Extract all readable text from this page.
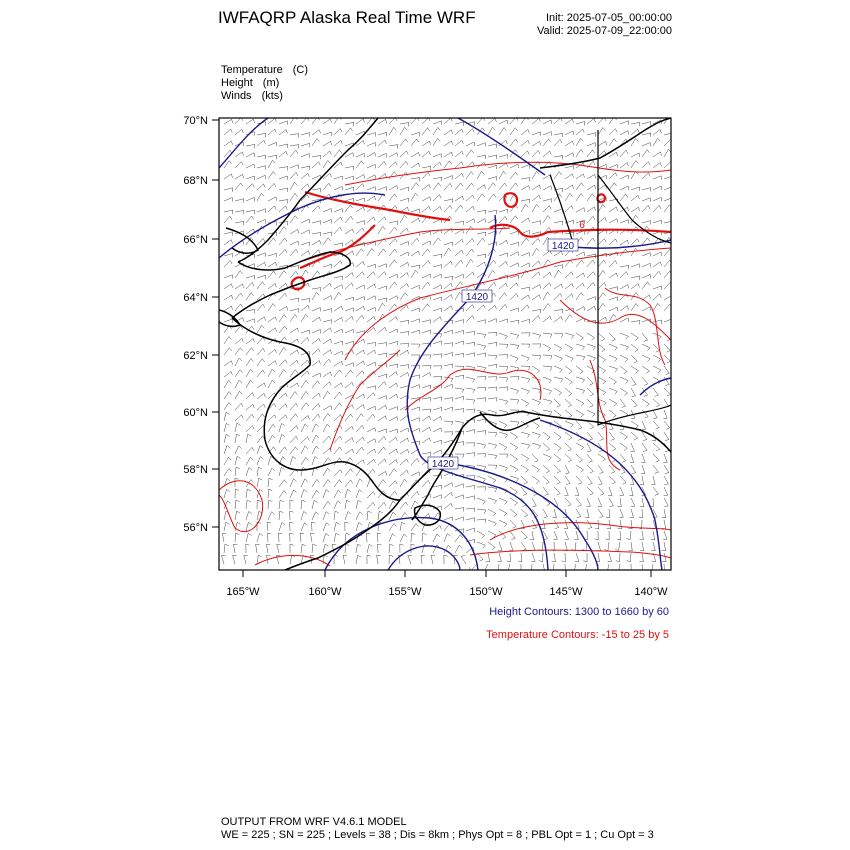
IWFAQRP Alaska Real Time WRF	Init: 2025-07-05_00:00:00
Valid: 2025-07-09_22:00:00
Temperature (C)
Height (m)
Winds (kts)
70°N
68°N
66°N
64°N
62°N
60°N
58°N
56°N
165°W	160°W	155°W	150°W	145°W	140°W
1420
1420
1420
6
Height Contours: 1300 to 1660 by 60
Temperature Contours: -15 to 25 by 5
OUTPUT FROM WRF V4.6.1 MODEL
WE = 225 ; SN = 225 ; Levels = 38 ; Dis = 8km ; Phys Opt = 8 ; PBL Opt = 1 ; Cu Opt = 3
